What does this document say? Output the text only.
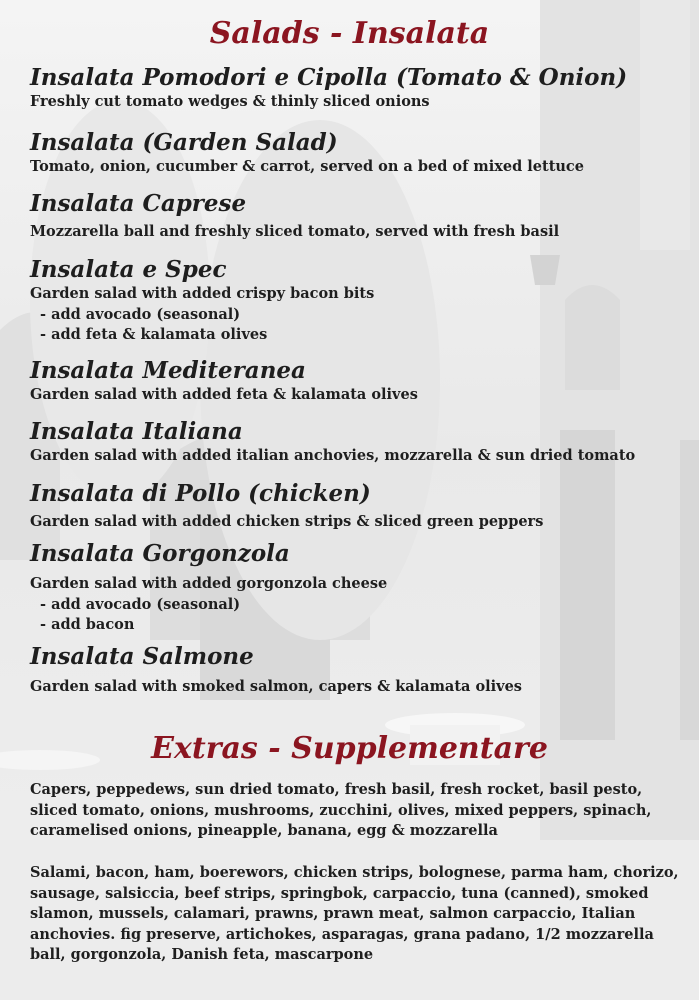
Salads - Insalata
Insalata Pomodori e Cipolla (Tomato & Onion)
Freshly cut tomato wedges & thinly sliced onions
Insalata (Garden Salad)
Tomato, onion, cucumber & carrot, served on a bed of mixed lettuce
Insalata Caprese
Mozzarella ball and freshly sliced tomato, served with fresh basil
Insalata e Spec
Garden salad with added crispy bacon bits
- add avocado (seasonal)
- add feta & kalamata olives
Insalata Mediteranea
Garden salad with added feta & kalamata olives
Insalata Italiana
Garden salad with added italian anchovies, mozzarella & sun dried tomato
Insalata di Pollo (chicken)
Garden salad with added chicken strips & sliced green peppers
Insalata Gorgonzola
Garden salad with added gorgonzola cheese
- add avocado (seasonal)
- add bacon
Insalata Salmone
Garden salad with smoked salmon, capers & kalamata olives
Extras - Supplementare
Capers, peppedews, sun dried tomato, fresh basil, fresh rocket, basil pesto,
sliced tomato, onions, mushrooms, zucchini, olives, mixed peppers, spinach,
caramelised onions, pineapple, banana, egg & mozzarella
Salami, bacon, ham, boerewors, chicken strips, bolognese, parma ham, chorizo,
sausage, salsiccia, beef strips, springbok, carpaccio, tuna (canned), smoked
slamon, mussels, calamari, prawns, prawn meat, salmon carpaccio, Italian
anchovies. fig preserve, artichokes, asparagas, grana padano, 1/2 mozzarella
ball, gorgonzola, Danish feta, mascarpone
